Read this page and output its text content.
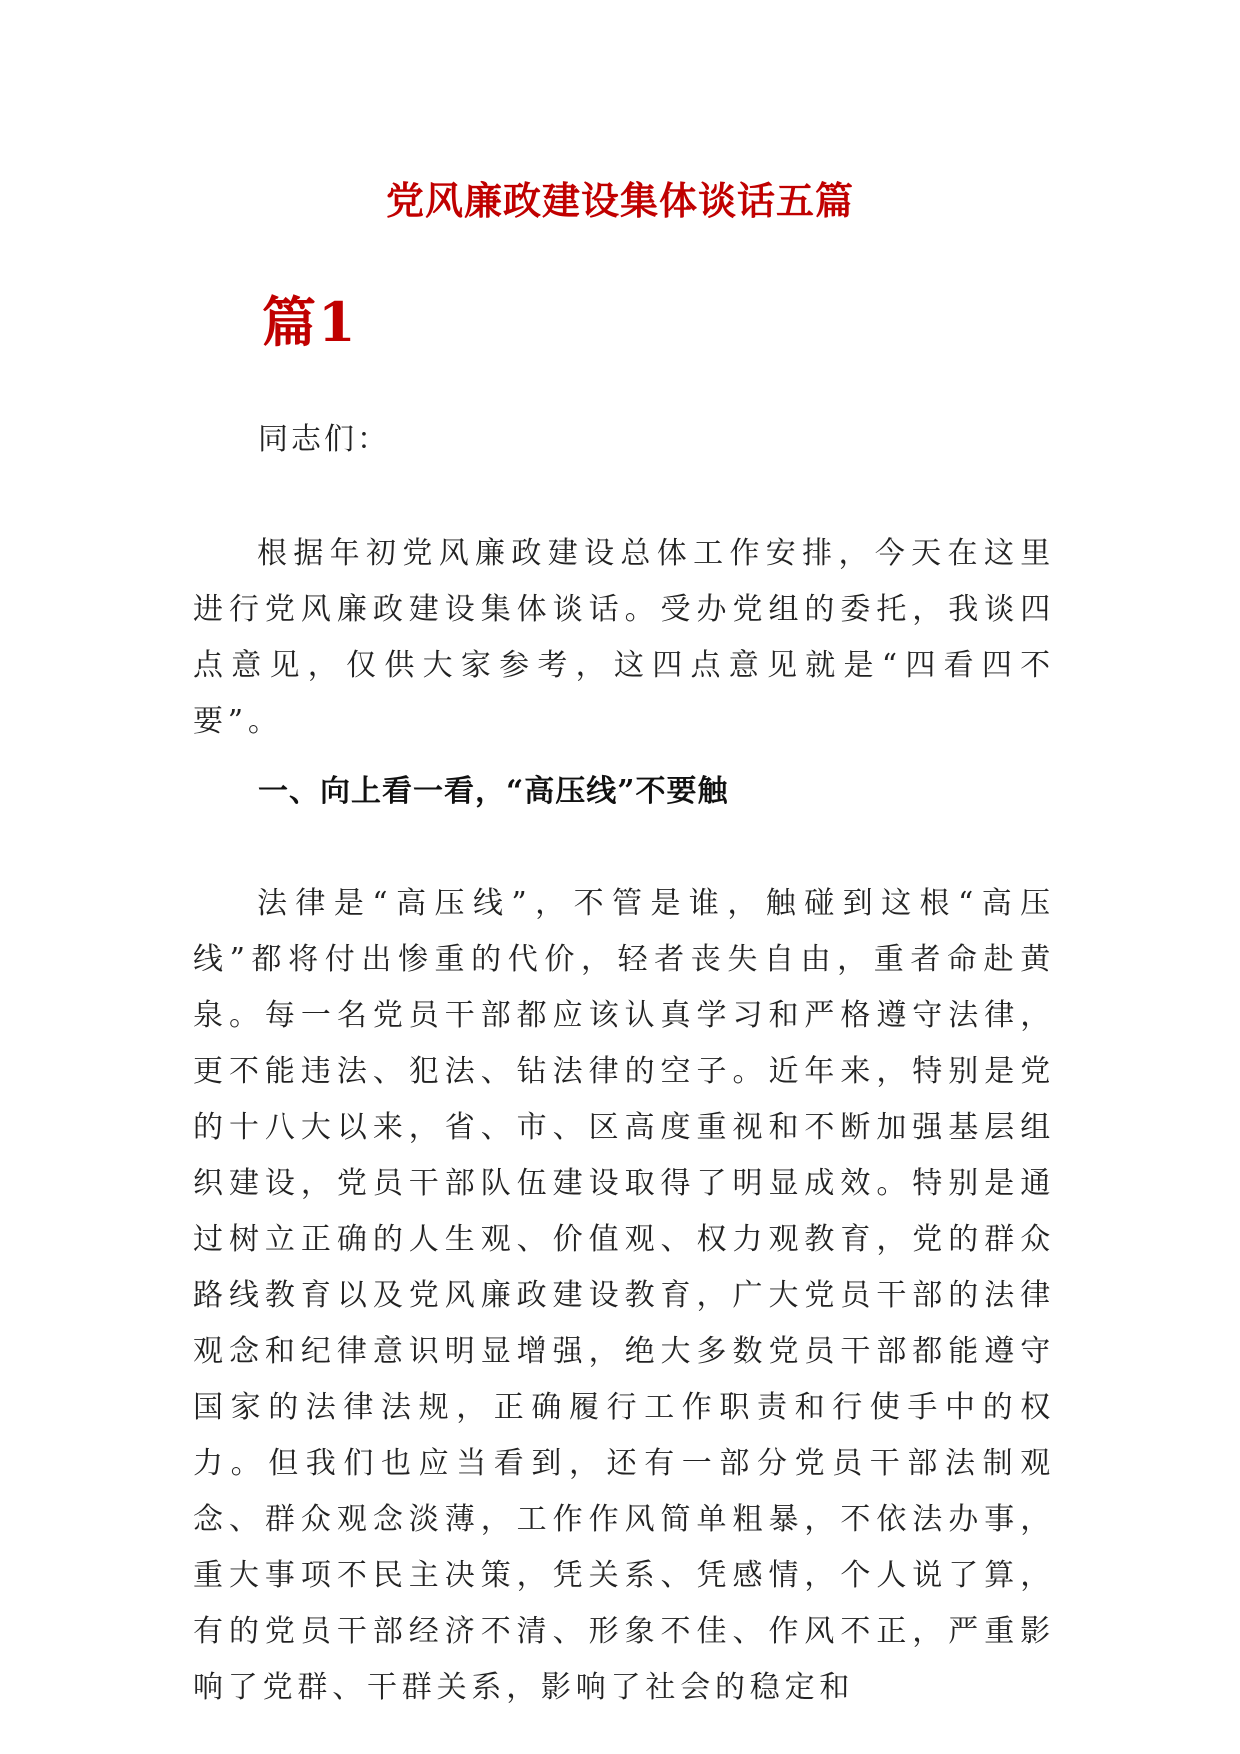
党风廉政建设集体谈话五篇
篇1
同志们：

根据年初党风廉政建设总体工作安排，今天在这里进行党风廉政建设集体谈话。受办党组的委托，我谈四点意见，仅供大家参考，这四点意见就是“四看四不要”。

一、向上看一看，“高压线”不要触

法律是“高压线”，不管是谁，触碰到这根“高压线”都将付出惨重的代价，轻者丧失自由，重者命赴黄泉。每一名党员干部都应该认真学习和严格遵守法律，更不能违法、犯法、钻法律的空子。近年来，特别是党的十八大以来，省、市、区高度重视和不断加强基层组织建设，党员干部队伍建设取得了明显成效。特别是通过树立正确的人生观、价值观、权力观教育，党的群众路线教育以及党风廉政建设教育，广大党员干部的法律观念和纪律意识明显增强，绝大多数党员干部都能遵守国家的法律法规，正确履行工作职责和行使手中的权力。但我们也应当看到，还有一部分党员干部法制观念、群众观念淡薄，工作作风简单粗暴，不依法办事，重大事项不民主决策，凭关系、凭感情，个人说了算，有的党员干部经济不清、形象不佳、作风不正，严重影响了党群、干群关系，影响了社会的稳定和
